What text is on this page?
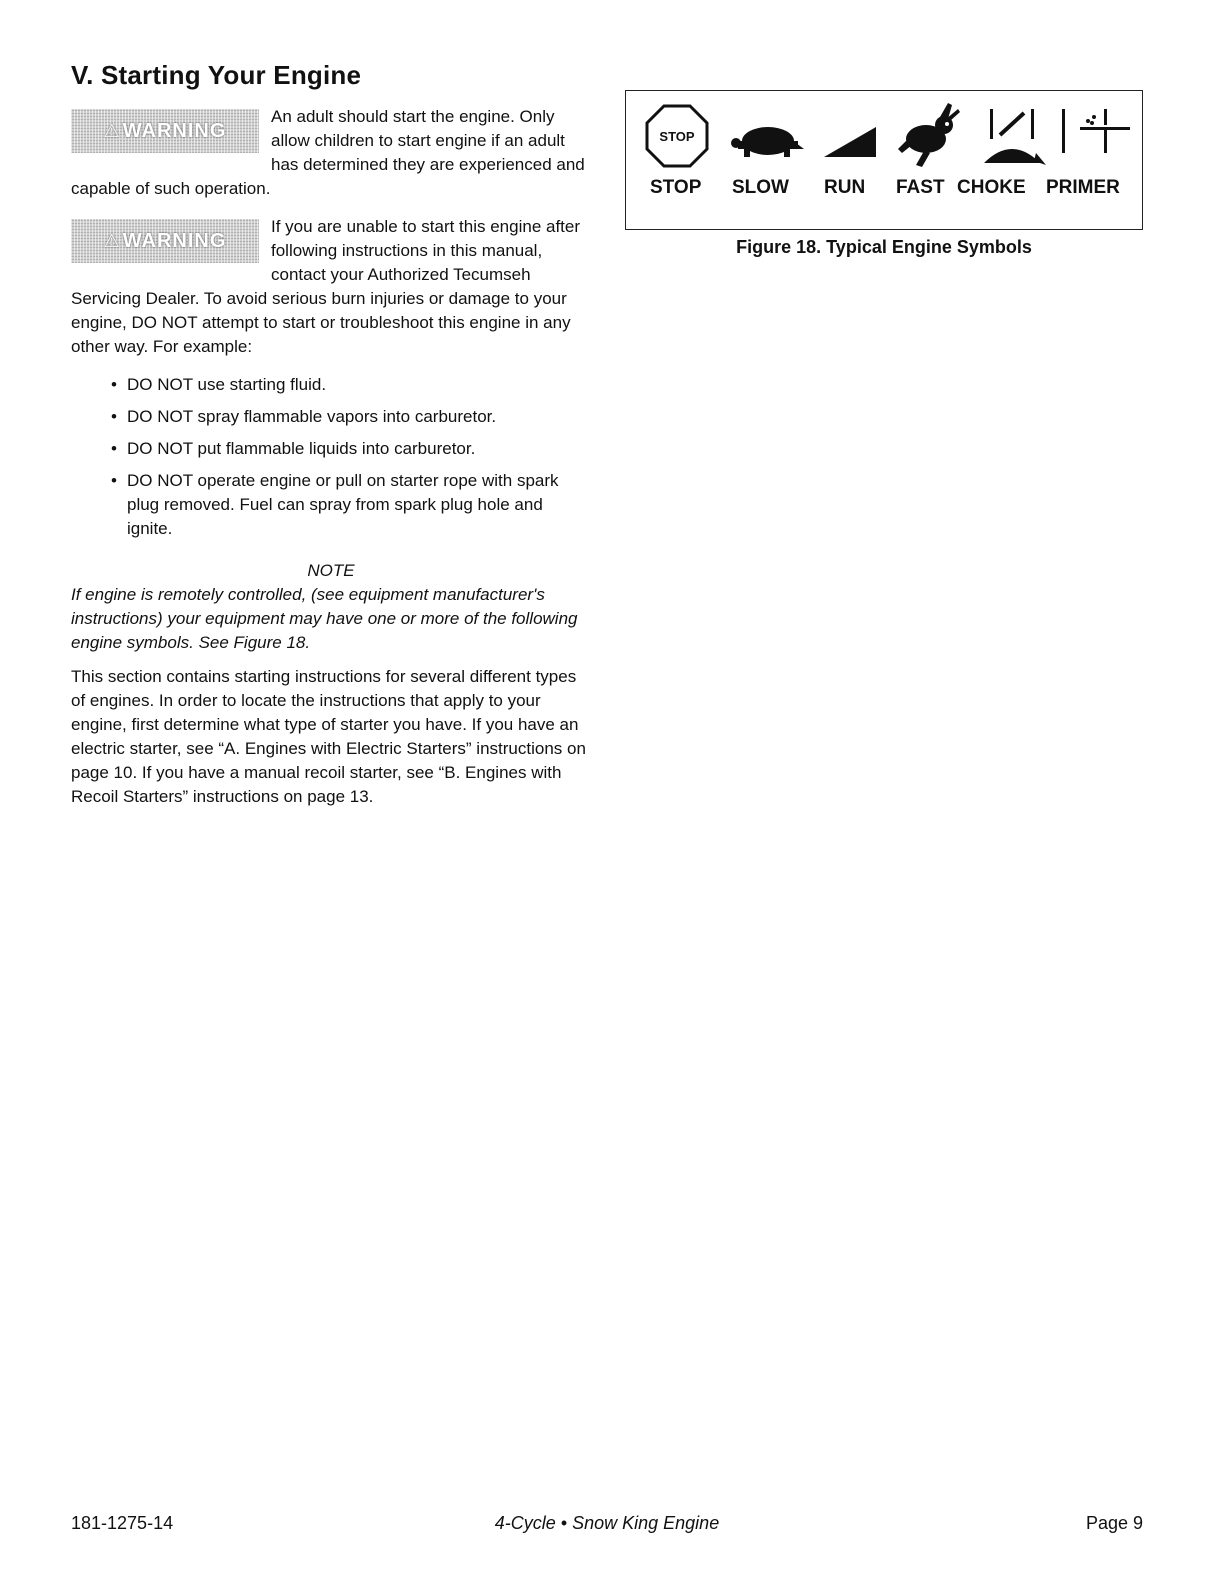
V. Starting Your Engine
⚠ WARNING

An adult should start the engine. Only allow children to start engine if an adult has determined they are experienced and capable of such operation.

⚠ WARNING

If you are unable to start this engine after following instructions in this manual, contact your Authorized Tecumseh Servicing Dealer. To avoid serious burn injuries or damage to your engine, DO NOT attempt to start or troubleshoot this engine in any other way. For example:

• DO NOT use starting fluid.
• DO NOT spray flammable vapors into carburetor.
• DO NOT put flammable liquids into carburetor.
• DO NOT operate engine or pull on starter rope with spark plug removed. Fuel can spray from spark plug hole and ignite.

NOTE

If engine is remotely controlled, (see equipment manufacturer's instructions) your equipment may have one or more of the following engine symbols. See Figure 18.

This section contains starting instructions for several different types of engines. In order to locate the instructions that apply to your engine, first determine what type of starter you have. If you have an electric starter, see “A. Engines with Electric Starters” instructions on page 10. If you have a manual recoil starter, see “B. Engines with Recoil Starters” instructions on page 13.

STOP
STOP SLOW RUN FAST CHOKE PRIMER
Figure 18. Typical Engine Symbols
181-1275-14	4-Cycle • Snow King Engine	Page 9
